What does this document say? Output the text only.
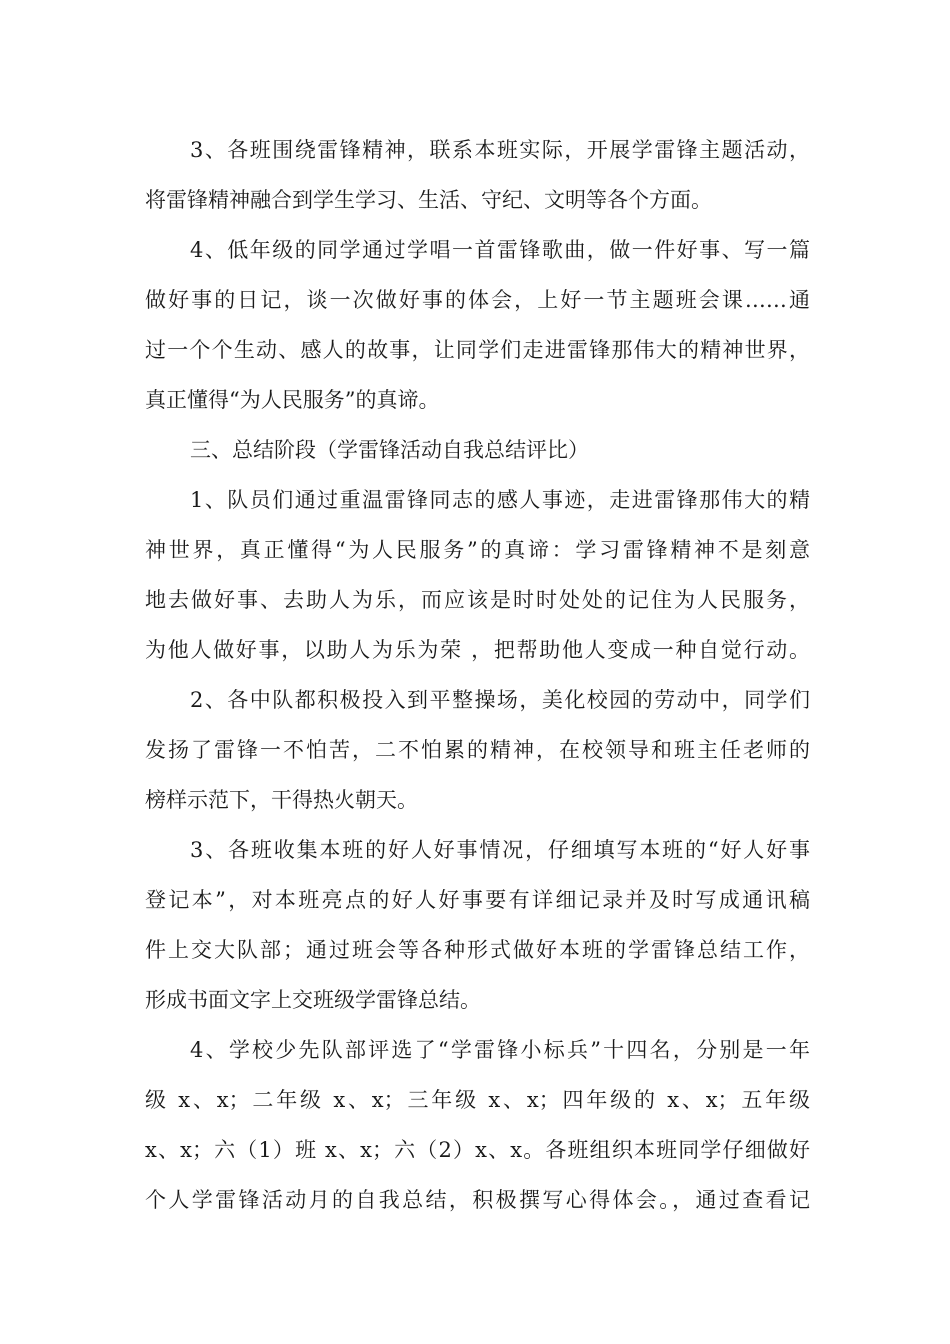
3、各班围绕雷锋精神，联系本班实际，开展学雷锋主题活动，
将雷锋精神融合到学生学习、生活、守纪、文明等各个方面。
4、低年级的同学通过学唱一首雷锋歌曲，做一件好事、写一篇
做好事的日记，谈一次做好事的体会，上好一节主题班会课……通
过一个个生动、感人的故事，让同学们走进雷锋那伟大的精神世界，
真正懂得“为人民服务”的真谛。
三、总结阶段（学雷锋活动自我总结评比）
1、队员们通过重温雷锋同志的感人事迹，走进雷锋那伟大的精
神世界，真正懂得“为人民服务”的真谛：学习雷锋精神不是刻意
地去做好事、去助人为乐，而应该是时时处处的记住为人民服务，
为他人做好事，以助人为乐为荣 ，把帮助他人变成一种自觉行动。
2、各中队都积极投入到平整操场，美化校园的劳动中，同学们
发扬了雷锋一不怕苦，二不怕累的精神，在校领导和班主任老师的
榜样示范下，干得热火朝天。
3、各班收集本班的好人好事情况，仔细填写本班的“好人好事
登记本”，对本班亮点的好人好事要有详细记录并及时写成通讯稿
件上交大队部；通过班会等各种形式做好本班的学雷锋总结工作，
形成书面文字上交班级学雷锋总结。
4、学校少先队部评选了“学雷锋小标兵”十四名，分别是一年
级 x、x；二年级 x、x；三年级 x、x；四年级的 x、x；五年级
x、x；六（1）班 x、x；六（2）x、x。各班组织本班同学仔细做好
个人学雷锋活动月的自我总结，积极撰写心得体会。，通过查看记
